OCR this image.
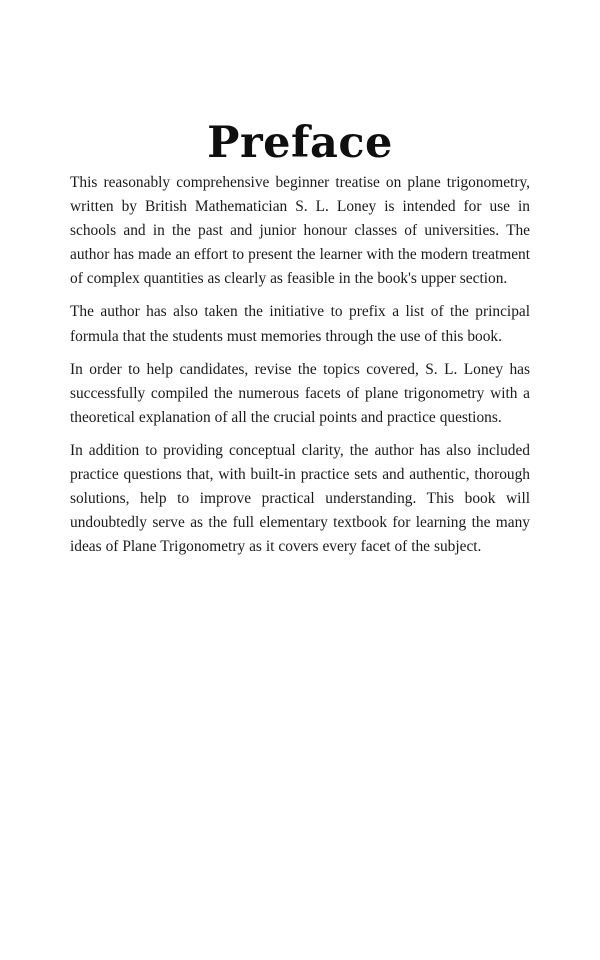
Preface

This reasonably comprehensive beginner treatise on plane trigonometry, written by British Mathematician S. L. Loney is intended for use in schools and in the past and junior honour classes of universities. The author has made an effort to present the learner with the modern treatment of complex quantities as clearly as feasible in the book's upper section.

The author has also taken the initiative to prefix a list of the principal formula that the students must memories through the use of this book.

In order to help candidates, revise the topics covered, S. L. Loney has successfully compiled the numerous facets of plane trigonometry with a theoretical explanation of all the crucial points and practice questions.

In addition to providing conceptual clarity, the author has also included practice questions that, with built-in practice sets and authentic, thorough solutions, help to improve practical understanding. This book will undoubtedly serve as the full elementary textbook for learning the many ideas of Plane Trigonometry as it covers every facet of the subject.
